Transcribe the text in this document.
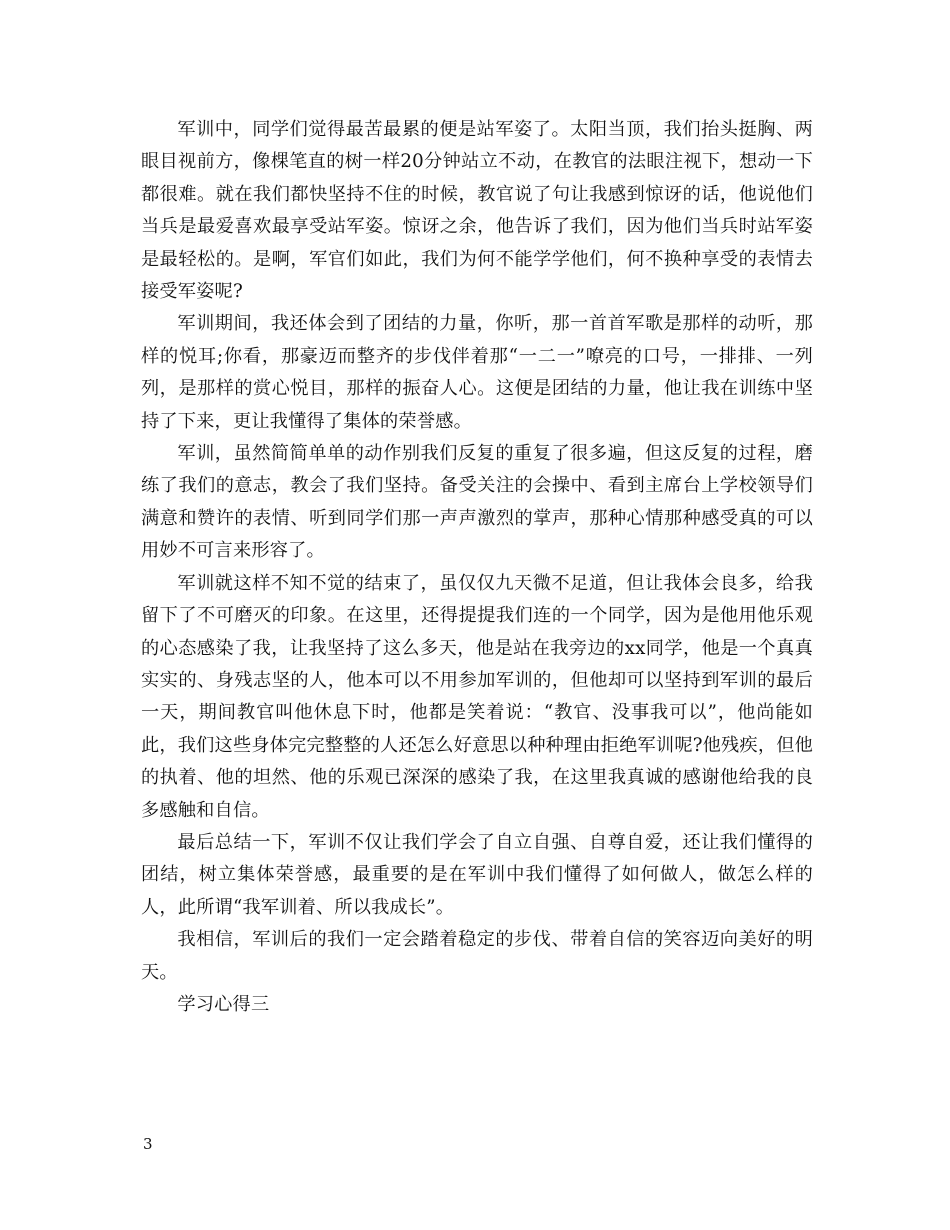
军训中，同学们觉得最苦最累的便是站军姿了。太阳当顶，我们抬头挺胸、两眼目视前方，像棵笔直的树一样20分钟站立不动，在教官的法眼注视下，想动一下都很难。就在我们都快坚持不住的时候，教官说了句让我感到惊讶的话，他说他们当兵是最爱喜欢最享受站军姿。惊讶之余，他告诉了我们，因为他们当兵时站军姿是最轻松的。是啊，军官们如此，我们为何不能学学他们，何不换种享受的表情去接受军姿呢?

军训期间，我还体会到了团结的力量，你听，那一首首军歌是那样的动听，那样的悦耳;你看，那豪迈而整齐的步伐伴着那“一二一”嘹亮的口号，一排排、一列列，是那样的赏心悦目，那样的振奋人心。这便是团结的力量，他让我在训练中坚持了下来，更让我懂得了集体的荣誉感。

军训，虽然简简单单的动作别我们反复的重复了很多遍，但这反复的过程，磨练了我们的意志，教会了我们坚持。备受关注的会操中、看到主席台上学校领导们满意和赞许的表情、听到同学们那一声声激烈的掌声，那种心情那种感受真的可以用妙不可言来形容了。

军训就这样不知不觉的结束了，虽仅仅九天微不足道，但让我体会良多，给我留下了不可磨灭的印象。在这里，还得提提我们连的一个同学，因为是他用他乐观的心态感染了我，让我坚持了这么多天，他是站在我旁边的xx同学，他是一个真真实实的、身残志坚的人，他本可以不用参加军训的，但他却可以坚持到军训的最后一天，期间教官叫他休息下时，他都是笑着说：“教官、没事我可以”，他尚能如此，我们这些身体完完整整的人还怎么好意思以种种理由拒绝军训呢?他残疾，但他的执着、他的坦然、他的乐观已深深的感染了我，在这里我真诚的感谢他给我的良多感触和自信。

最后总结一下，军训不仅让我们学会了自立自强、自尊自爱，还让我们懂得的团结，树立集体荣誉感，最重要的是在军训中我们懂得了如何做人，做怎么样的人，此所谓“我军训着、所以我成长”。

我相信，军训后的我们一定会踏着稳定的步伐、带着自信的笑容迈向美好的明天。

学习心得三

3
